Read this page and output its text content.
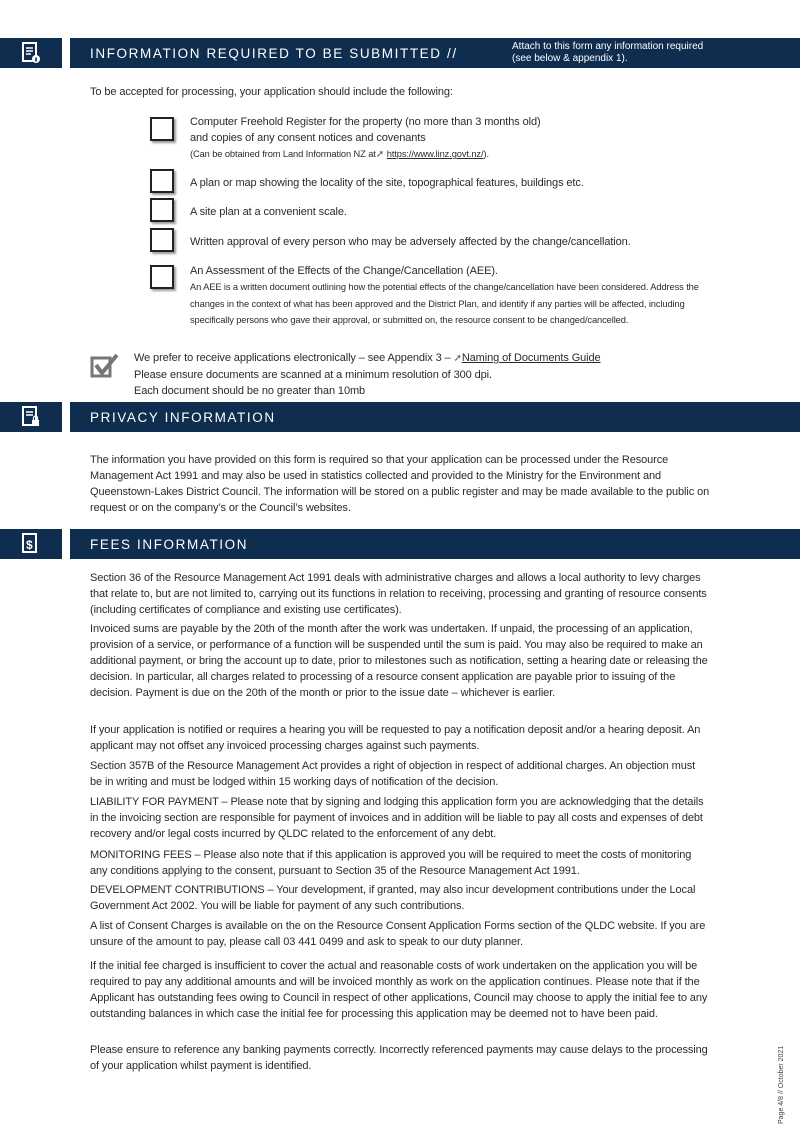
INFORMATION REQUIRED TO BE SUBMITTED //	Attach to this form any information required
(see below & appendix 1).
To be accepted for processing, your application should include the following:
Computer Freehold Register for the property (no more than 3 months old)
and copies of any consent notices and covenants
(Can be obtained from Land Information NZ at➚ https://www.linz.govt.nz/).
A plan or map showing the locality of the site, topographical features, buildings etc.
A site plan at a convenient scale.
Written approval of every person who may be adversely affected by the change/cancellation.
An Assessment of the Effects of the Change/Cancellation (AEE).
An AEE is a written document outlining how the potential effects of the change/cancellation have been considered. Address the changes in the context of what has been approved and the District Plan, and identify if any parties will be affected, including specifically persons who gave their approval, or submitted on, the resource consent to be changed/cancelled.
We prefer to receive applications electronically – see Appendix 3 – ➚Naming of Documents Guide
Please ensure documents are scanned at a minimum resolution of 300 dpi.
Each document should be no greater than 10mb
PRIVACY INFORMATION
The information you have provided on this form is required so that your application can be processed under the Resource Management Act 1991 and may also be used in statistics collected and provided to the Ministry for the Environment and Queenstown-Lakes District Council. The information will be stored on a public register and may be made available to the public on request or on the company’s or the Council’s websites.
$	FEES INFORMATION
Section 36 of the Resource Management Act 1991 deals with administrative charges and allows a local authority to levy charges that relate to, but are not limited to, carrying out its functions in relation to receiving, processing and granting of resource consents (including certificates of compliance and existing use certificates).
Invoiced sums are payable by the 20th of the month after the work was undertaken. If unpaid, the processing of an application, provision of a service, or performance of a function will be suspended until the sum is paid. You may also be required to make an additional payment, or bring the account up to date, prior to milestones such as notification, setting a hearing date or releasing the decision. In particular, all charges related to processing of a resource consent application are payable prior to issuing of the decision. Payment is due on the 20th of the month or prior to the issue date – whichever is earlier.
If your application is notified or requires a hearing you will be requested to pay a notification deposit and/or a hearing deposit. An applicant may not offset any invoiced processing charges against such payments.
Section 357B of the Resource Management Act provides a right of objection in respect of additional charges. An objection must be in writing and must be lodged within 15 working days of notification of the decision.
LIABILITY FOR PAYMENT – Please note that by signing and lodging this application form you are acknowledging that the details in the invoicing section are responsible for payment of invoices and in addition will be liable to pay all costs and expenses of debt recovery and/or legal costs incurred by QLDC related to the enforcement of any debt.
MONITORING FEES – Please also note that if this application is approved you will be required to meet the costs of monitoring any conditions applying to the consent, pursuant to Section 35 of the Resource Management Act 1991.
DEVELOPMENT CONTRIBUTIONS – Your development, if granted, may also incur development contributions under the Local Government Act 2002. You will be liable for payment of any such contributions.
A list of Consent Charges is available on the on the Resource Consent Application Forms section of the QLDC website. If you are unsure of the amount to pay, please call 03 441 0499 and ask to speak to our duty planner.
If the initial fee charged is insufficient to cover the actual and reasonable costs of work undertaken on the application you will be required to pay any additional amounts and will be invoiced monthly as work on the application continues. Please note that if the Applicant has outstanding fees owing to Council in respect of other applications, Council may choose to apply the initial fee to any outstanding balances in which case the initial fee for processing this application may be deemed not to have been paid.
Please ensure to reference any banking payments correctly. Incorrectly referenced payments may cause delays to the processing of your application whilst payment is identified.	Page 4/8 // October 2021
